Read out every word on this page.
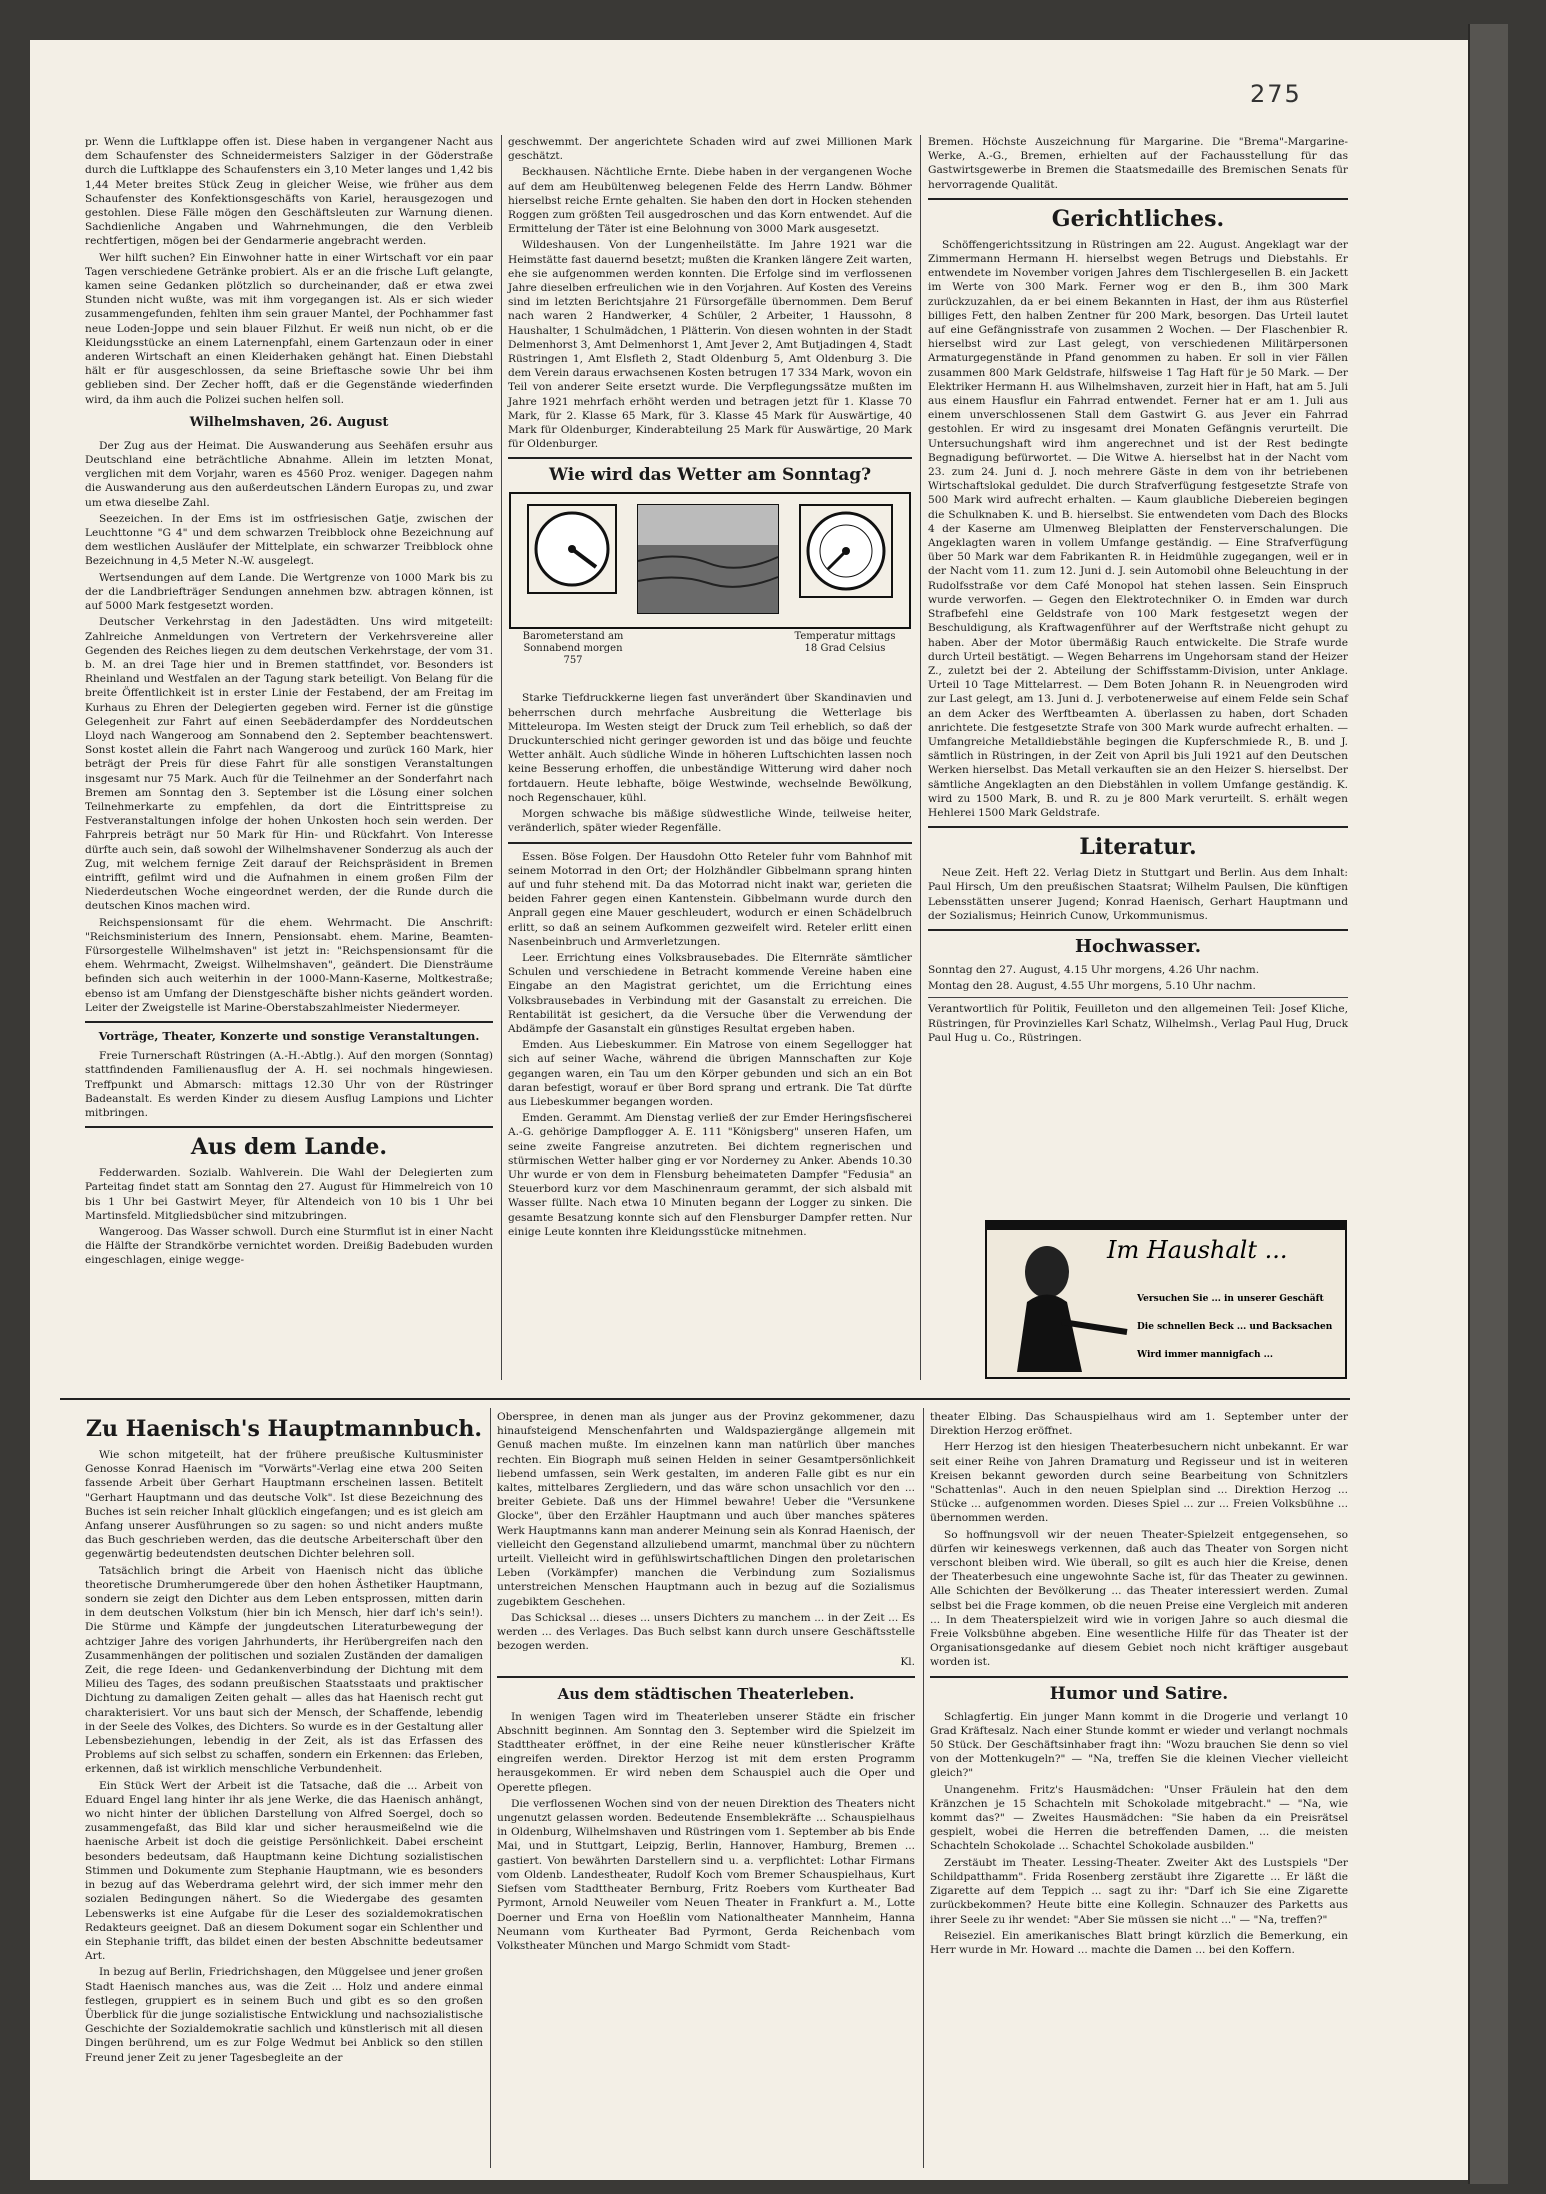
275

pr. Wenn die Luftklappe offen ist. Diese haben in vergangener Nacht aus dem Schaufenster des Schneidermeisters Salziger in der Göderstraße durch die Luftklappe des Schaufensters ein 3,10 Meter langes und 1,42 bis 1,44 Meter breites Stück Zeug in gleicher Weise, wie früher aus dem Schaufenster des Konfektionsgeschäfts von Kariel, herausgezogen und gestohlen. Diese Fälle mögen den Geschäftsleuten zur Warnung dienen. Sachdienliche Angaben und Wahrnehmungen, die den Verbleib rechtfertigen, mögen bei der Gendarmerie angebracht werden.

Wer hilft suchen? Ein Einwohner hatte in einer Wirtschaft vor ein paar Tagen verschiedene Getränke probiert. Als er an die frische Luft gelangte, kamen seine Gedanken plötzlich so durcheinander, daß er etwa zwei Stunden nicht wußte, was mit ihm vorgegangen ist. Als er sich wieder zusammengefunden, fehlten ihm sein grauer Mantel, der Pochhammer fast neue Loden-Joppe und sein blauer Filzhut. Er weiß nun nicht, ob er die Kleidungsstücke an einem Laternenpfahl, einem Gartenzaun oder in einer anderen Wirtschaft an einen Kleiderhaken gehängt hat. Einen Diebstahl hält er für ausgeschlossen, da seine Brieftasche sowie Uhr bei ihm geblieben sind. Der Zecher hofft, daß er die Gegenstände wiederfinden wird, da ihm auch die Polizei suchen helfen soll.

Wilhelmshaven, 26. August

Der Zug aus der Heimat. Die Auswanderung aus Seehäfen ersuhr aus Deutschland eine beträchtliche Abnahme. Allein im letzten Monat, verglichen mit dem Vorjahr, waren es 4560 Proz. weniger. Dagegen nahm die Auswanderung aus den außerdeutschen Ländern Europas zu, und zwar um etwa dieselbe Zahl.

Seezeichen. In der Ems ist im ostfriesischen Gatje, zwischen der Leuchttonne "G 4" und dem schwarzen Treibblock ohne Bezeichnung auf dem westlichen Ausläufer der Mittelplate, ein schwarzer Treibblock ohne Bezeichnung in 4,5 Meter N.-W. ausgelegt.

Wertsendungen auf dem Lande. Die Wertgrenze von 1000 Mark bis zu der die Landbriefträger Sendungen annehmen bzw. abtragen können, ist auf 5000 Mark festgesetzt worden.

Deutscher Verkehrstag in den Jadestädten. Uns wird mitgeteilt: Zahlreiche Anmeldungen von Vertretern der Verkehrsvereine aller Gegenden des Reiches liegen zu dem deutschen Verkehrstage, der vom 31. b. M. an drei Tage hier und in Bremen stattfindet, vor. Besonders ist Rheinland und Westfalen an der Tagung stark beteiligt. Von Belang für die breite Öffentlichkeit ist in erster Linie der Festabend, der am Freitag im Kurhaus zu Ehren der Delegierten gegeben wird. Ferner ist die günstige Gelegenheit zur Fahrt auf einen Seebäderdampfer des Norddeutschen Lloyd nach Wangeroog am Sonnabend den 2. September beachtenswert. Sonst kostet allein die Fahrt nach Wangeroog und zurück 160 Mark, hier beträgt der Preis für diese Fahrt für alle sonstigen Veranstaltungen insgesamt nur 75 Mark. Auch für die Teilnehmer an der Sonderfahrt nach Bremen am Sonntag den 3. September ist die Lösung einer solchen Teilnehmerkarte zu empfehlen, da dort die Eintrittspreise zu Festveranstaltungen infolge der hohen Unkosten hoch sein werden. Der Fahrpreis beträgt nur 50 Mark für Hin- und Rückfahrt. Von Interesse dürfte auch sein, daß sowohl der Wilhelmshavener Sonderzug als auch der Zug, mit welchem fernige Zeit darauf der Reichspräsident in Bremen eintrifft, gefilmt wird und die Aufnahmen in einem großen Film der Niederdeutschen Woche eingeordnet werden, der die Runde durch die deutschen Kinos machen wird.

Reichspensionsamt für die ehem. Wehrmacht. Die Anschrift: "Reichsministerium des Innern, Pensionsabt. ehem. Marine, Beamten-Fürsorgestelle Wilhelmshaven" ist jetzt in: "Reichspensionsamt für die ehem. Wehrmacht, Zweigst. Wilhelmshaven", geändert. Die Diensträume befinden sich auch weiterhin in der 1000-Mann-Kaserne, Moltkestraße; ebenso ist am Umfang der Dienstgeschäfte bisher nichts geändert worden. Leiter der Zweigstelle ist Marine-Oberstabszahlmeister Niedermeyer.

Vorträge, Theater, Konzerte und sonstige Veranstaltungen.

Freie Turnerschaft Rüstringen (A.-H.-Abtlg.). Auf den morgen (Sonntag) stattfindenden Familienausflug der A. H. sei nochmals hingewiesen. Treffpunkt und Abmarsch: mittags 12.30 Uhr von der Rüstringer Badeanstalt. Es werden Kinder zu diesem Ausflug Lampions und Lichter mitbringen.

Aus dem Lande.

Fedderwarden. Sozialb. Wahlverein. Die Wahl der Delegierten zum Parteitag findet statt am Sonntag den 27. August für Himmelreich von 10 bis 1 Uhr bei Gastwirt Meyer, für Altendeich von 10 bis 1 Uhr bei Martinsfeld. Mitgliedsbücher sind mitzubringen.

Wangeroog. Das Wasser schwoll. Durch eine Sturmflut ist in einer Nacht die Hälfte der Strandkörbe vernichtet worden. Dreißig Badebuden wurden eingeschlagen, einige wegge-

geschwemmt. Der angerichtete Schaden wird auf zwei Millionen Mark geschätzt.

Beckhausen. Nächtliche Ernte. Diebe haben in der vergangenen Woche auf dem am Heubültenweg belegenen Felde des Herrn Landw. Böhmer hierselbst reiche Ernte gehalten. Sie haben den dort in Hocken stehenden Roggen zum größten Teil ausgedroschen und das Korn entwendet. Auf die Ermittelung der Täter ist eine Belohnung von 3000 Mark ausgesetzt.

Wildeshausen. Von der Lungenheilstätte. Im Jahre 1921 war die Heimstätte fast dauernd besetzt; mußten die Kranken längere Zeit warten, ehe sie aufgenommen werden konnten. Die Erfolge sind im verflossenen Jahre dieselben erfreulichen wie in den Vorjahren. Auf Kosten des Vereins sind im letzten Berichtsjahre 21 Fürsorgefälle übernommen. Dem Beruf nach waren 2 Handwerker, 4 Schüler, 2 Arbeiter, 1 Haussohn, 8 Haushalter, 1 Schulmädchen, 1 Plätterin. Von diesen wohnten in der Stadt Delmenhorst 3, Amt Delmenhorst 1, Amt Jever 2, Amt Butjadingen 4, Stadt Rüstringen 1, Amt Elsfleth 2, Stadt Oldenburg 5, Amt Oldenburg 3. Die dem Verein daraus erwachsenen Kosten betrugen 17 334 Mark, wovon ein Teil von anderer Seite ersetzt wurde. Die Verpflegungssätze mußten im Jahre 1921 mehrfach erhöht werden und betragen jetzt für 1. Klasse 70 Mark, für 2. Klasse 65 Mark, für 3. Klasse 45 Mark für Auswärtige, 40 Mark für Oldenburger, Kinderabteilung 25 Mark für Auswärtige, 20 Mark für Oldenburger.

Wie wird das Wetter am Sonntag?
Barometerstand am Sonnabend morgen 757
Temperatur mittags 18 Grad Celsius

Starke Tiefdruckkerne liegen fast unverändert über Skandinavien und beherrschen durch mehrfache Ausbreitung die Wetterlage bis Mitteleuropa. Im Westen steigt der Druck zum Teil erheblich, so daß der Druckunterschied nicht geringer geworden ist und das böige und feuchte Wetter anhält. Auch südliche Winde in höheren Luftschichten lassen noch keine Besserung erhoffen, die unbeständige Witterung wird daher noch fortdauern. Heute lebhafte, böige Westwinde, wechselnde Bewölkung, noch Regenschauer, kühl.

Morgen schwache bis mäßige südwestliche Winde, teilweise heiter, veränderlich, später wieder Regenfälle.

Essen. Böse Folgen. Der Hausdohn Otto Reteler fuhr vom Bahnhof mit seinem Motorrad in den Ort; der Holzhändler Gibbelmann sprang hinten auf und fuhr stehend mit. Da das Motorrad nicht inakt war, gerieten die beiden Fahrer gegen einen Kantenstein. Gibbelmann wurde durch den Anprall gegen eine Mauer geschleudert, wodurch er einen Schädelbruch erlitt, so daß an seinem Aufkommen gezweifelt wird. Reteler erlitt einen Nasenbeinbruch und Armverletzungen.

Leer. Errichtung eines Volksbrausebades. Die Elternräte sämtlicher Schulen und verschiedene in Betracht kommende Vereine haben eine Eingabe an den Magistrat gerichtet, um die Errichtung eines Volksbrausebades in Verbindung mit der Gasanstalt zu erreichen. Die Rentabilität ist gesichert, da die Versuche über die Verwendung der Abdämpfe der Gasanstalt ein günstiges Resultat ergeben haben.

Emden. Aus Liebeskummer. Ein Matrose von einem Segellogger hat sich auf seiner Wache, während die übrigen Mannschaften zur Koje gegangen waren, ein Tau um den Körper gebunden und sich an ein Bot daran befestigt, worauf er über Bord sprang und ertrank. Die Tat dürfte aus Liebeskummer begangen worden.

Emden. Gerammt. Am Dienstag verließ der zur Emder Heringsfischerei A.-G. gehörige Dampflogger A. E. 111 "Königsberg" unseren Hafen, um seine zweite Fangreise anzutreten. Bei dichtem regnerischen und stürmischen Wetter halber ging er vor Norderney zu Anker. Abends 10.30 Uhr wurde er von dem in Flensburg beheimateten Dampfer "Fedusia" an Steuerbord kurz vor dem Maschinenraum gerammt, der sich alsbald mit Wasser füllte. Nach etwa 10 Minuten begann der Logger zu sinken. Die gesamte Besatzung konnte sich auf den Flensburger Dampfer retten. Nur einige Leute konnten ihre Kleidungsstücke mitnehmen.

Bremen. Höchste Auszeichnung für Margarine. Die "Brema"-Margarine-Werke, A.-G., Bremen, erhielten auf der Fachausstellung für das Gastwirtsgewerbe in Bremen die Staatsmedaille des Bremischen Senats für hervorragende Qualität.

Gerichtliches.

Schöffengerichtssitzung in Rüstringen am 22. August. Angeklagt war der Zimmermann Hermann H. hierselbst wegen Betrugs und Diebstahls. Er entwendete im November vorigen Jahres dem Tischlergesellen B. ein Jackett im Werte von 300 Mark. Ferner wog er den B., ihm 300 Mark zurückzuzahlen, da er bei einem Bekannten in Hast, der ihm aus Rüsterfiel billiges Fett, den halben Zentner für 200 Mark, besorgen. Das Urteil lautet auf eine Gefängnisstrafe von zusammen 2 Wochen. — Der Flaschenbier R. hierselbst wird zur Last gelegt, von verschiedenen Militärpersonen Armaturgegenstände in Pfand genommen zu haben. Er soll in vier Fällen zusammen 800 Mark Geldstrafe, hilfsweise 1 Tag Haft für je 50 Mark. — Der Elektriker Hermann H. aus Wilhelmshaven, zurzeit hier in Haft, hat am 5. Juli aus einem Hausflur ein Fahrrad entwendet. Ferner hat er am 1. Juli aus einem unverschlossenen Stall dem Gastwirt G. aus Jever ein Fahrrad gestohlen. Er wird zu insgesamt drei Monaten Gefängnis verurteilt. Die Untersuchungshaft wird ihm angerechnet und ist der Rest bedingte Begnadigung befürwortet. — Die Witwe A. hierselbst hat in der Nacht vom 23. zum 24. Juni d. J. noch mehrere Gäste in dem von ihr betriebenen Wirtschaftslokal geduldet. Die durch Strafverfügung festgesetzte Strafe von 500 Mark wird aufrecht erhalten. — Kaum glaubliche Diebereien begingen die Schulknaben K. und B. hierselbst. Sie entwendeten vom Dach des Blocks 4 der Kaserne am Ulmenweg Bleiplatten der Fensterverschalungen. Die Angeklagten waren in vollem Umfange geständig. — Eine Strafverfügung über 50 Mark war dem Fabrikanten R. in Heidmühle zugegangen, weil er in der Nacht vom 11. zum 12. Juni d. J. sein Automobil ohne Beleuchtung in der Rudolfsstraße vor dem Café Monopol hat stehen lassen. Sein Einspruch wurde verworfen. — Gegen den Elektrotechniker O. in Emden war durch Strafbefehl eine Geldstrafe von 100 Mark festgesetzt wegen der Beschuldigung, als Kraftwagenführer auf der Werftstraße nicht gehupt zu haben. Aber der Motor übermäßig Rauch entwickelte. Die Strafe wurde durch Urteil bestätigt. — Wegen Beharrens im Ungehorsam stand der Heizer Z., zuletzt bei der 2. Abteilung der Schiffsstamm-Division, unter Anklage. Urteil 10 Tage Mittelarrest. — Dem Boten Johann R. in Neuengroden wird zur Last gelegt, am 13. Juni d. J. verbotenerweise auf einem Felde sein Schaf an dem Acker des Werftbeamten A. überlassen zu haben, dort Schaden anrichtete. Die festgesetzte Strafe von 300 Mark wurde aufrecht erhalten. — Umfangreiche Metalldiebstähle begingen die Kupferschmiede R., B. und J. sämtlich in Rüstringen, in der Zeit von April bis Juli 1921 auf den Deutschen Werken hierselbst. Das Metall verkauften sie an den Heizer S. hierselbst. Der sämtliche Angeklagten an den Diebstählen in vollem Umfange geständig. K. wird zu 1500 Mark, B. und R. zu je 800 Mark verurteilt. S. erhält wegen Hehlerei 1500 Mark Geldstrafe.

Literatur.

Neue Zeit. Heft 22. Verlag Dietz in Stuttgart und Berlin. Aus dem Inhalt: Paul Hirsch, Um den preußischen Staatsrat; Wilhelm Paulsen, Die künftigen Lebensstätten unserer Jugend; Konrad Haenisch, Gerhart Hauptmann und der Sozialismus; Heinrich Cunow, Urkommunismus.

Hochwasser.

Sonntag den 27. August, 4.15 Uhr morgens, 4.26 Uhr nachm.

Montag den 28. August, 4.55 Uhr morgens, 5.10 Uhr nachm.

Verantwortlich für Politik, Feuilleton und den allgemeinen Teil: Josef Kliche, Rüstringen, für Provinzielles Karl Schatz, Wilhelmsh., Verlag Paul Hug, Druck Paul Hug u. Co., Rüstringen.

Im Haushalt ...
Versuchen Sie ... in unserer Geschäft
Die schnellen Beck ... und Backsachen
Wird immer mannigfach ...
Zu Haenisch's Hauptmannbuch.

Wie schon mitgeteilt, hat der frühere preußische Kultusminister Genosse Konrad Haenisch im "Vorwärts"-Verlag eine etwa 200 Seiten fassende Arbeit über Gerhart Hauptmann erscheinen lassen. Betitelt "Gerhart Hauptmann und das deutsche Volk". Ist diese Bezeichnung des Buches ist sein reicher Inhalt glücklich eingefangen; und es ist gleich am Anfang unserer Ausführungen so zu sagen: so und nicht anders mußte das Buch geschrieben werden, das die deutsche Arbeiterschaft über den gegenwärtig bedeutendsten deutschen Dichter belehren soll.

Tatsächlich bringt die Arbeit von Haenisch nicht das übliche theoretische Drumherumgerede über den hohen Ästhetiker Hauptmann, sondern sie zeigt den Dichter aus dem Leben entsprossen, mitten darin in dem deutschen Volkstum (hier bin ich Mensch, hier darf ich's sein!). Die Stürme und Kämpfe der jungdeutschen Literaturbewegung der achtziger Jahre des vorigen Jahrhunderts, ihr Herübergreifen nach den Zusammenhängen der politischen und sozialen Zuständen der damaligen Zeit, die rege Ideen- und Gedankenverbindung der Dichtung mit dem Milieu des Tages, des sodann preußischen Staatsstaats und praktischer Dichtung zu damaligen Zeiten gehalt — alles das hat Haenisch recht gut charakterisiert. Vor uns baut sich der Mensch, der Schaffende, lebendig in der Seele des Volkes, des Dichters. So wurde es in der Gestaltung aller Lebensbeziehungen, lebendig in der Zeit, als ist das Erfassen des Problems auf sich selbst zu schaffen, sondern ein Erkennen: das Erleben, erkennen, daß ist wirklich menschliche Verbundenheit.

Ein Stück Wert der Arbeit ist die Tatsache, daß die ... Arbeit von Eduard Engel lang hinter ihr als jene Werke, die das Haenisch anhängt, wo nicht hinter der üblichen Darstellung von Alfred Soergel, doch so zusammengefaßt, das Bild klar und sicher herausmeißelnd wie die haenische Arbeit ist doch die geistige Persönlichkeit. Dabei erscheint besonders bedeutsam, daß Hauptmann keine Dichtung sozialistischen Stimmen und Dokumente zum Stephanie Hauptmann, wie es besonders in bezug auf das Weberdrama gelehrt wird, der sich immer mehr den sozialen Bedingungen nähert. So die Wiedergabe des gesamten Lebenswerks ist eine Aufgabe für die Leser des sozialdemokratischen Redakteurs geeignet. Daß an diesem Dokument sogar ein Schlenther und ein Stephanie trifft, das bildet einen der besten Abschnitte bedeutsamer Art.

In bezug auf Berlin, Friedrichshagen, den Müggelsee und jener großen Stadt Haenisch manches aus, was die Zeit ... Holz und andere einmal festlegen, gruppiert es in seinem Buch und gibt es so den großen Überblick für die junge sozialistische Entwicklung und nachsozialistische Geschichte der Sozialdemokratie sachlich und künstlerisch mit all diesen Dingen berührend, um es zur Folge Wedmut bei Anblick so den stillen Freund jener Zeit zu jener Tagesbegleite an der

Oberspree, in denen man als junger aus der Provinz gekommener, dazu hinaufsteigend Menschenfahrten und Waldspaziergänge allgemein mit Genuß machen mußte. Im einzelnen kann man natürlich über manches rechten. Ein Biograph muß seinen Helden in seiner Gesamtpersönlichkeit liebend umfassen, sein Werk gestalten, im anderen Falle gibt es nur ein kaltes, mittelbares Zergliedern, und das wäre schon unsachlich vor den ... breiter Gebiete. Daß uns der Himmel bewahre! Ueber die "Versunkene Glocke", über den Erzähler Hauptmann und auch über manches späteres Werk Hauptmanns kann man anderer Meinung sein als Konrad Haenisch, der vielleicht den Gegenstand allzuliebend umarmt, manchmal über zu nüchtern urteilt. Vielleicht wird in gefühlswirtschaftlichen Dingen den proletarischen Leben (Vorkämpfer) manchen die Verbindung zum Sozialismus unterstreichen Menschen Hauptmann auch in bezug auf die Sozialismus zugebiktem Geschehen.

Das Schicksal ... dieses ... unsers Dichters zu manchem ... in der Zeit ... Es werden ... des Verlages. Das Buch selbst kann durch unsere Geschäftsstelle bezogen werden.

Kl.

Aus dem städtischen Theaterleben.

In wenigen Tagen wird im Theaterleben unserer Städte ein frischer Abschnitt beginnen. Am Sonntag den 3. September wird die Spielzeit im Stadttheater eröffnet, in der eine Reihe neuer künstlerischer Kräfte eingreifen werden. Direktor Herzog ist mit dem ersten Programm herausgekommen. Er wird neben dem Schauspiel auch die Oper und Operette pflegen.

Die verflossenen Wochen sind von der neuen Direktion des Theaters nicht ungenutzt gelassen worden. Bedeutende Ensemblekräfte ... Schauspielhaus in Oldenburg, Wilhelmshaven und Rüstringen vom 1. September ab bis Ende Mai, und in Stuttgart, Leipzig, Berlin, Hannover, Hamburg, Bremen ... gastiert. Von bewährten Darstellern sind u. a. verpflichtet: Lothar Firmans vom Oldenb. Landestheater, Rudolf Koch vom Bremer Schauspielhaus, Kurt Siefsen vom Stadttheater Bernburg, Fritz Roebers vom Kurtheater Bad Pyrmont, Arnold Neuweiler vom Neuen Theater in Frankfurt a. M., Lotte Doerner und Erna von Hoeßlin vom Nationaltheater Mannheim, Hanna Neumann vom Kurtheater Bad Pyrmont, Gerda Reichenbach vom Volkstheater München und Margo Schmidt vom Stadt-

theater Elbing. Das Schauspielhaus wird am 1. September unter der Direktion Herzog eröffnet.

Herr Herzog ist den hiesigen Theaterbesuchern nicht unbekannt. Er war seit einer Reihe von Jahren Dramaturg und Regisseur und ist in weiteren Kreisen bekannt geworden durch seine Bearbeitung von Schnitzlers "Schattenlas". Auch in den neuen Spielplan sind ... Direktion Herzog ... Stücke ... aufgenommen worden. Dieses Spiel ... zur ... Freien Volksbühne ... übernommen werden.

So hoffnungsvoll wir der neuen Theater-Spielzeit entgegensehen, so dürfen wir keineswegs verkennen, daß auch das Theater von Sorgen nicht verschont bleiben wird. Wie überall, so gilt es auch hier die Kreise, denen der Theaterbesuch eine ungewohnte Sache ist, für das Theater zu gewinnen. Alle Schichten der Bevölkerung ... das Theater interessiert werden. Zumal selbst bei die Frage kommen, ob die neuen Preise eine Vergleich mit anderen ... In dem Theaterspielzeit wird wie in vorigen Jahre so auch diesmal die Freie Volksbühne abgeben. Eine wesentliche Hilfe für das Theater ist der Organisationsgedanke auf diesem Gebiet noch nicht kräftiger ausgebaut worden ist.

Humor und Satire.

Schlagfertig. Ein junger Mann kommt in die Drogerie und verlangt 10 Grad Kräftesalz. Nach einer Stunde kommt er wieder und verlangt nochmals 50 Stück. Der Geschäftsinhaber fragt ihn: "Wozu brauchen Sie denn so viel von der Mottenkugeln?" — "Na, treffen Sie die kleinen Viecher vielleicht gleich?"

Unangenehm. Fritz's Hausmädchen: "Unser Fräulein hat den dem Kränzchen je 15 Schachteln mit Schokolade mitgebracht." — "Na, wie kommt das?" — Zweites Hausmädchen: "Sie haben da ein Preisrätsel gespielt, wobei die Herren die betreffenden Damen, ... die meisten Schachteln Schokolade ... Schachtel Schokolade ausbilden."

Zerstäubt im Theater. Lessing-Theater. Zweiter Akt des Lustspiels "Der Schildpatthamm". Frida Rosenberg zerstäubt ihre Zigarette ... Er läßt die Zigarette auf dem Teppich ... sagt zu ihr: "Darf ich Sie eine Zigarette zurückbekommen? Heute bitte eine Kollegin. Schnauzer des Parketts aus ihrer Seele zu ihr wendet: "Aber Sie müssen sie nicht ..." — "Na, treffen?"

Reiseziel. Ein amerikanisches Blatt bringt kürzlich die Bemerkung, ein Herr wurde in Mr. Howard ... machte die Damen ... bei den Koffern.
